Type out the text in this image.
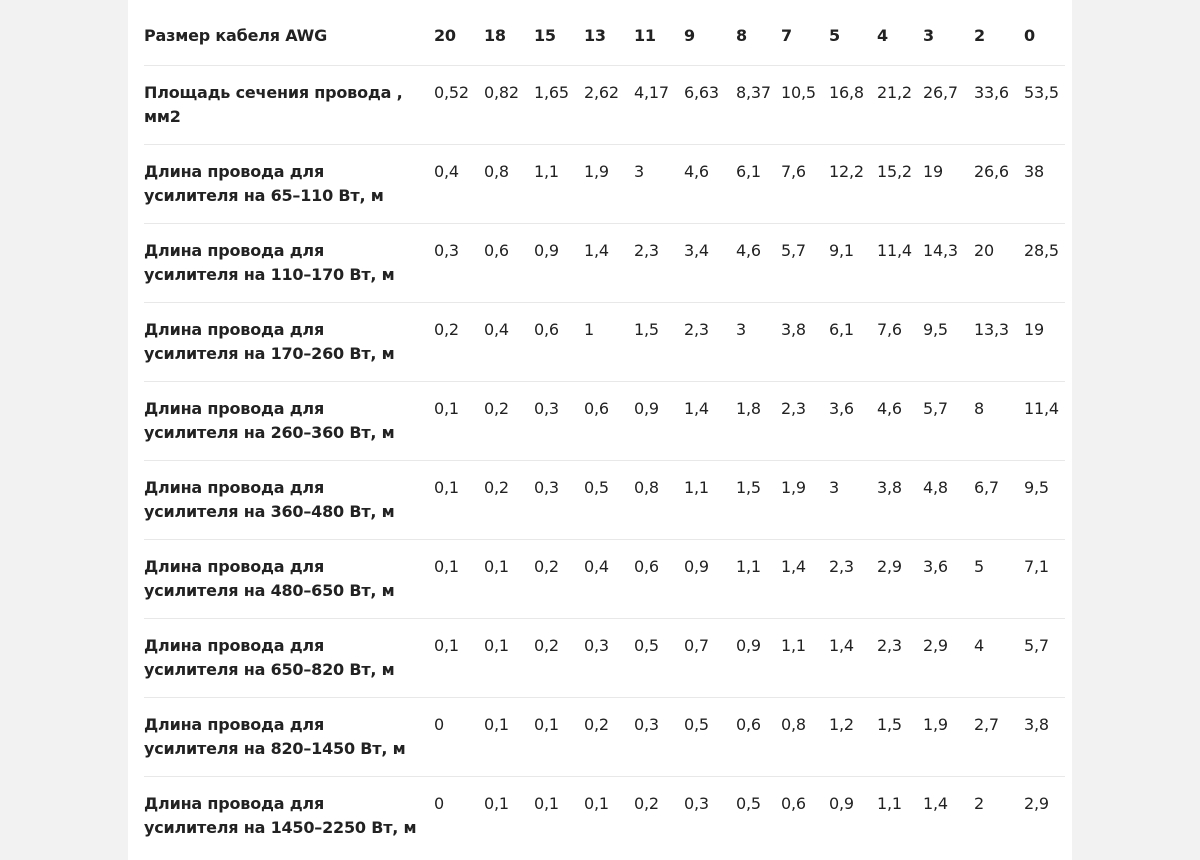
Размер кабеля AWG	20	18	15	13	11	9	8	7	5	4	3	2	0
Площадь сечения провода , мм2	0,52	0,82	1,65	2,62	4,17	6,63	8,37	10,5	16,8	21,2	26,7	33,6	53,5
Длина провода для усилителя на 65–110 Вт, м	0,4	0,8	1,1	1,9	3	4,6	6,1	7,6	12,2	15,2	19	26,6	38
Длина провода для усилителя на 110–170 Вт, м	0,3	0,6	0,9	1,4	2,3	3,4	4,6	5,7	9,1	11,4	14,3	20	28,5
Длина провода для усилителя на 170–260 Вт, м	0,2	0,4	0,6	1	1,5	2,3	3	3,8	6,1	7,6	9,5	13,3	19
Длина провода для усилителя на 260–360 Вт, м	0,1	0,2	0,3	0,6	0,9	1,4	1,8	2,3	3,6	4,6	5,7	8	11,4
Длина провода для усилителя на 360–480 Вт, м	0,1	0,2	0,3	0,5	0,8	1,1	1,5	1,9	3	3,8	4,8	6,7	9,5
Длина провода для усилителя на 480–650 Вт, м	0,1	0,1	0,2	0,4	0,6	0,9	1,1	1,4	2,3	2,9	3,6	5	7,1
Длина провода для усилителя на 650–820 Вт, м	0,1	0,1	0,2	0,3	0,5	0,7	0,9	1,1	1,4	2,3	2,9	4	5,7
Длина провода для усилителя на 820–1450 Вт, м	0	0,1	0,1	0,2	0,3	0,5	0,6	0,8	1,2	1,5	1,9	2,7	3,8
Длина провода для усилителя на 1450–2250 Вт, м	0	0,1	0,1	0,1	0,2	0,3	0,5	0,6	0,9	1,1	1,4	2	2,9
